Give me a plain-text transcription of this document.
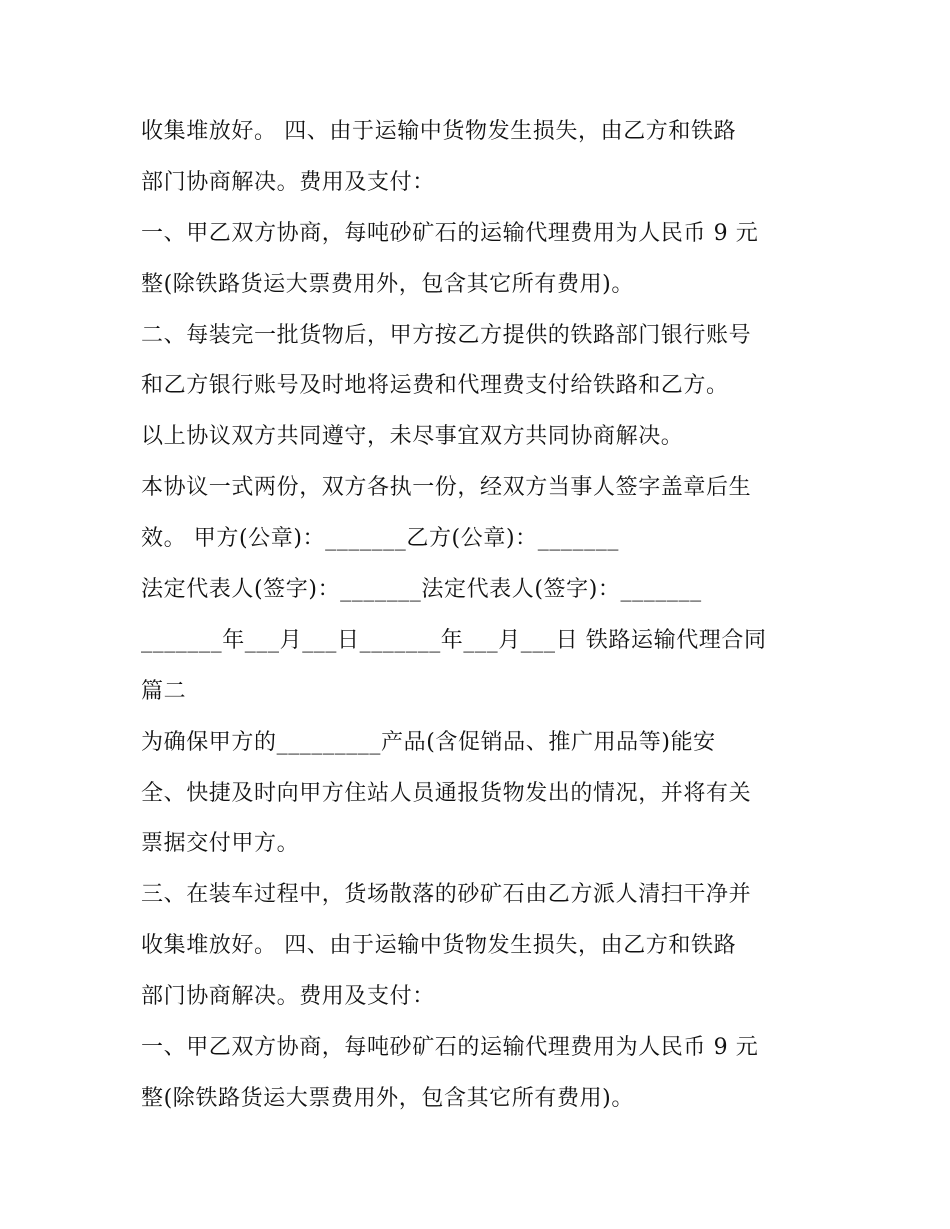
收集堆放好。 四、由于运输中货物发生损失，由乙方和铁路
部门协商解决。费用及支付：
一、甲乙双方协商，每吨砂矿石的运输代理费用为人民币 9 元
整(除铁路货运大票费用外，包含其它所有费用)。
二、每装完一批货物后，甲方按乙方提供的铁路部门银行账号
和乙方银行账号及时地将运费和代理费支付给铁路和乙方。
以上协议双方共同遵守，未尽事宜双方共同协商解决。
本协议一式两份，双方各执一份，经双方当事人签字盖章后生
效。 甲方(公章)：_______乙方(公章)：_______
法定代表人(签字)：_______法定代表人(签字)：_______
_______年___月___日_______年___月___日 铁路运输代理合同
篇二
为确保甲方的_________产品(含促销品、推广用品等)能安
全、快捷及时向甲方住站人员通报货物发出的情况，并将有关
票据交付甲方。
三、在装车过程中，货场散落的砂矿石由乙方派人清扫干净并
收集堆放好。 四、由于运输中货物发生损失，由乙方和铁路
部门协商解决。费用及支付：
一、甲乙双方协商，每吨砂矿石的运输代理费用为人民币 9 元
整(除铁路货运大票费用外，包含其它所有费用)。
